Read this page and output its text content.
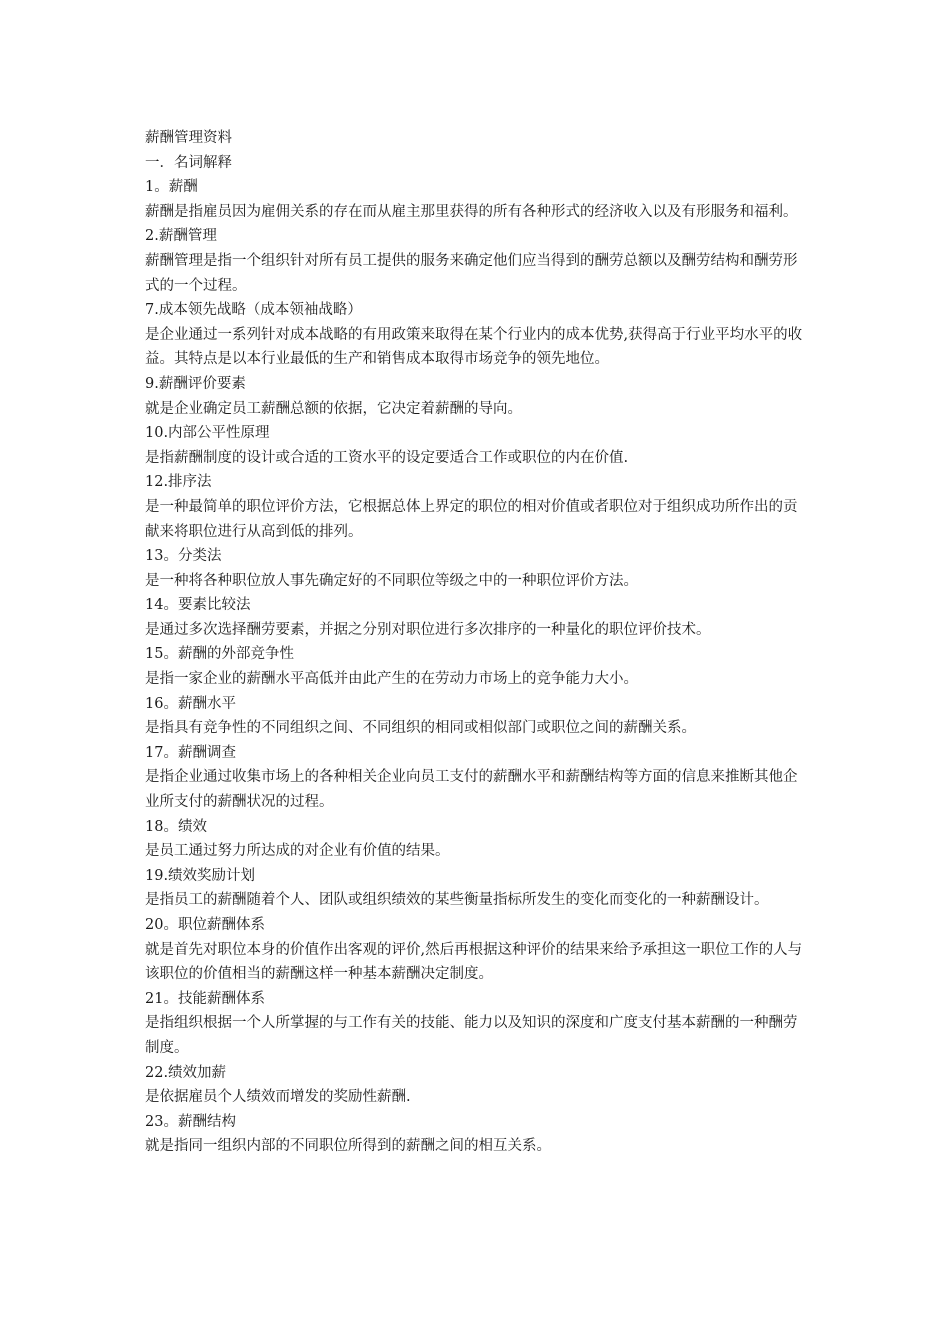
薪酬管理资料
一．名词解释
1。薪酬
薪酬是指雇员因为雇佣关系的存在而从雇主那里获得的所有各种形式的经济收入以及有形服务和福利。
2.薪酬管理
薪酬管理是指一个组织针对所有员工提供的服务来确定他们应当得到的酬劳总额以及酬劳结构和酬劳形式的一个过程。
7.成本领先战略（成本领袖战略）
是企业通过一系列针对成本战略的有用政策来取得在某个行业内的成本优势,获得高于行业平均水平的收益。其特点是以本行业最低的生产和销售成本取得市场竞争的领先地位。
9.薪酬评价要素
就是企业确定员工薪酬总额的依据，它决定着薪酬的导向。
10.内部公平性原理
是指薪酬制度的设计或合适的工资水平的设定要适合工作或职位的内在价值.
12.排序法
是一种最简单的职位评价方法，它根据总体上界定的职位的相对价值或者职位对于组织成功所作出的贡献来将职位进行从高到低的排列。
13。分类法
是一种将各种职位放人事先确定好的不同职位等级之中的一种职位评价方法。
14。要素比较法
是通过多次选择酬劳要素，并据之分别对职位进行多次排序的一种量化的职位评价技术。
15。薪酬的外部竞争性
是指一家企业的薪酬水平高低并由此产生的在劳动力市场上的竞争能力大小。
16。薪酬水平
是指具有竞争性的不同组织之间、不同组织的相同或相似部门或职位之间的薪酬关系。
17。薪酬调查
是指企业通过收集市场上的各种相关企业向员工支付的薪酬水平和薪酬结构等方面的信息来推断其他企业所支付的薪酬状况的过程。
18。绩效
是员工通过努力所达成的对企业有价值的结果。
19.绩效奖励计划
是指员工的薪酬随着个人、团队或组织绩效的某些衡量指标所发生的变化而变化的一种薪酬设计。
20。职位薪酬体系
就是首先对职位本身的价值作出客观的评价,然后再根据这种评价的结果来给予承担这一职位工作的人与该职位的价值相当的薪酬这样一种基本薪酬决定制度。
21。技能薪酬体系
是指组织根据一个人所掌握的与工作有关的技能、能力以及知识的深度和广度支付基本薪酬的一种酬劳制度。
22.绩效加薪
是依据雇员个人绩效而增发的奖励性薪酬.
23。薪酬结构
就是指同一组织内部的不同职位所得到的薪酬之间的相互关系。
